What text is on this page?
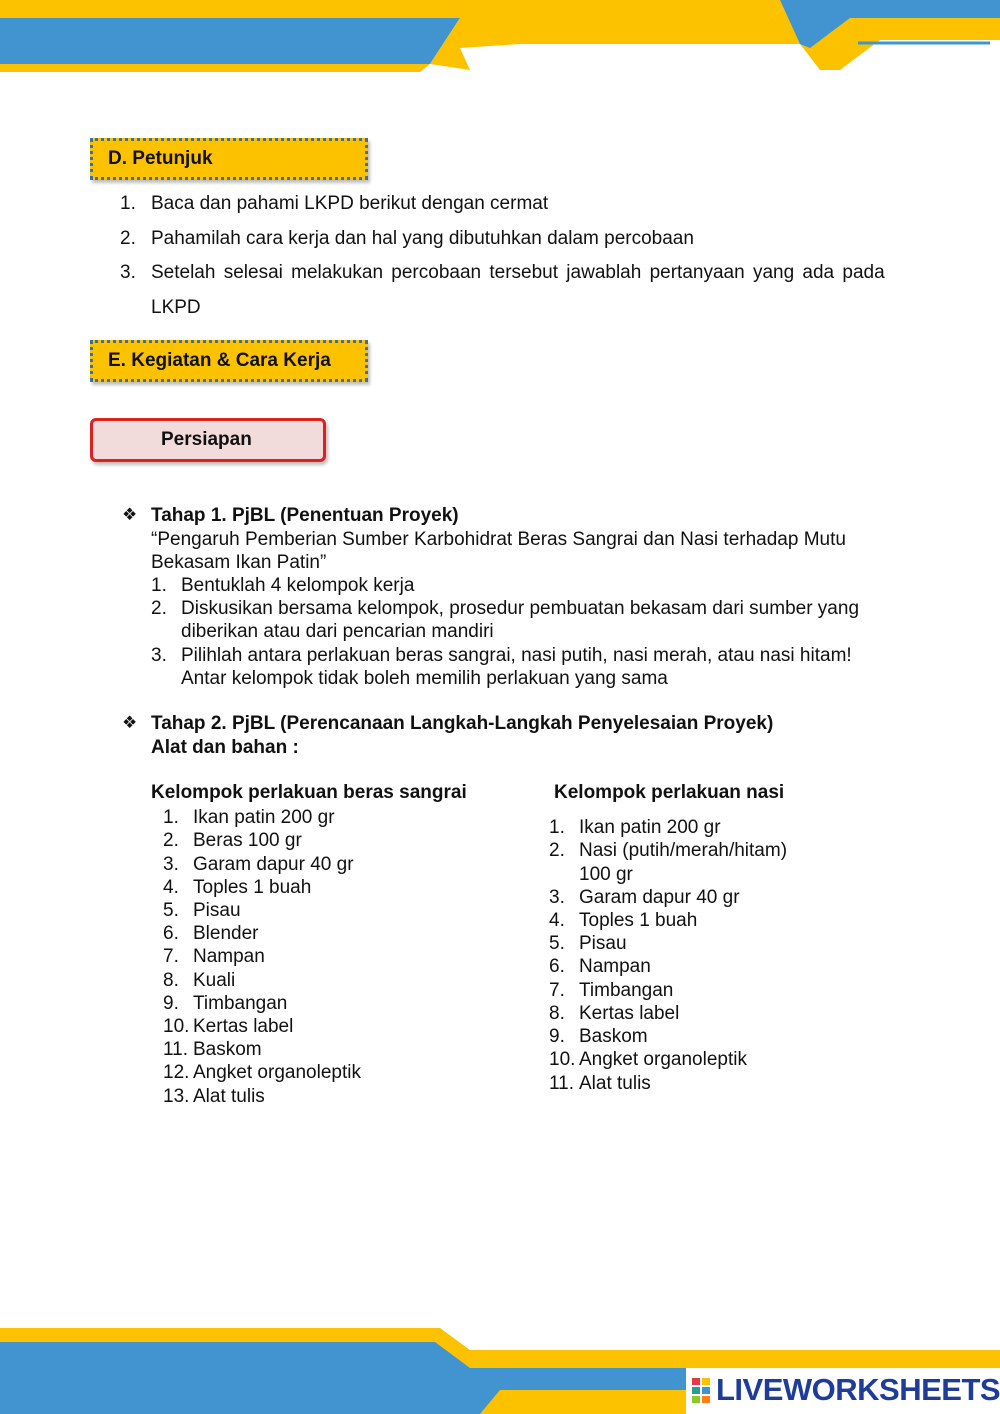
D. Petunjuk
1. Baca dan pahami LKPD berikut dengan cermat
2. Pahamilah cara kerja dan hal yang dibutuhkan dalam percobaan
3. Setelah selesai melakukan percobaan tersebut jawablah pertanyaan yang ada pada
LKPD
E. Kegiatan & Cara Kerja
Persiapan
❖ Tahap 1. PjBL (Penentuan Proyek)
“Pengaruh Pemberian Sumber Karbohidrat Beras Sangrai dan Nasi terhadap Mutu
Bekasam Ikan Patin”
1. Bentuklah 4 kelompok kerja
2. Diskusikan bersama kelompok, prosedur pembuatan bekasam dari sumber yang
diberikan atau dari pencarian mandiri
3. Pilihlah antara perlakuan beras sangrai, nasi putih, nasi merah, atau nasi hitam!
Antar kelompok tidak boleh memilih perlakuan yang sama
❖ Tahap 2. PjBL (Perencanaan Langkah-Langkah Penyelesaian Proyek)
Alat dan bahan :
Kelompok perlakuan beras sangrai	Kelompok perlakuan nasi
LIVEWORKSHEETS
1. Ikan patin 200 gr
2. Beras 100 gr
3. Garam dapur 40 gr
4. Toples 1 buah
5. Pisau
6. Blender
7. Nampan
8. Kuali
9. Timbangan
10. Kertas label
11. Baskom
12. Angket organoleptik
13. Alat tulis
1. Ikan patin 200 gr
2. Nasi (putih/merah/hitam)
3. Garam dapur 40 gr
4. Toples 1 buah
5. Pisau
6. Nampan
7. Timbangan
8. Kertas label
9. Baskom
10. Angket organoleptik
11. Alat tulis
100 gr
